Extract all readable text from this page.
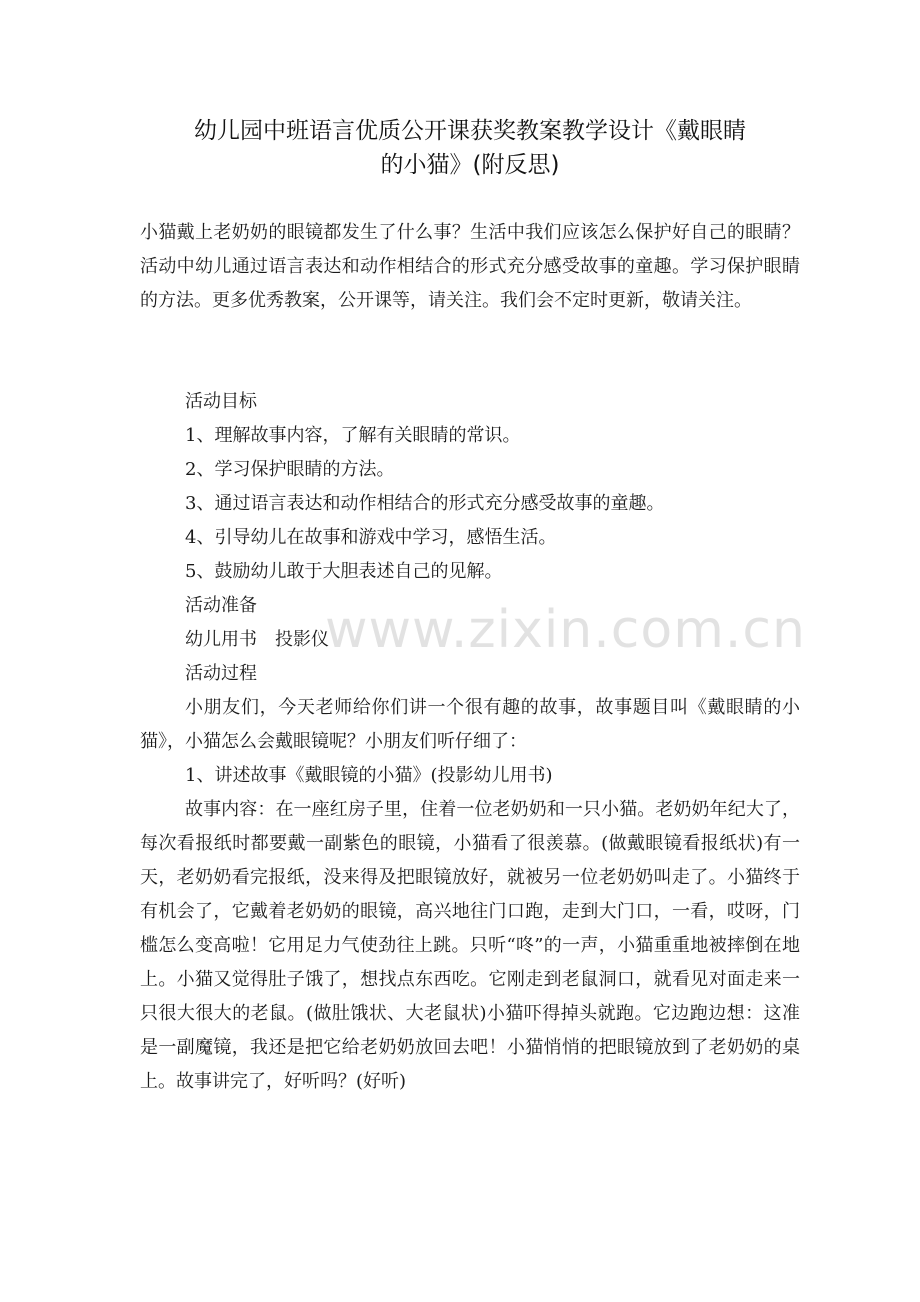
幼儿园中班语言优质公开课获奖教案教学设计《戴眼睛
的小猫》(附反思)

小猫戴上老奶奶的眼镜都发生了什么事？生活中我们应该怎么保护好自己的眼睛？活动中幼儿通过语言表达和动作相结合的形式充分感受故事的童趣。学习保护眼睛的方法。更多优秀教案，公开课等，请关注。我们会不定时更新，敬请关注。

活动目标

1、理解故事内容，了解有关眼睛的常识。

2、学习保护眼睛的方法。

3、通过语言表达和动作相结合的形式充分感受故事的童趣。

4、引导幼儿在故事和游戏中学习，感悟生活。

5、鼓励幼儿敢于大胆表述自己的见解。

活动准备

幼儿用书　投影仪

活动过程

小朋友们，今天老师给你们讲一个很有趣的故事，故事题目叫《戴眼睛的小猫》，小猫怎么会戴眼镜呢？小朋友们听仔细了：

1、讲述故事《戴眼镜的小猫》(投影幼儿用书)

故事内容：在一座红房子里，住着一位老奶奶和一只小猫。老奶奶年纪大了，每次看报纸时都要戴一副紫色的眼镜，小猫看了很羡慕。(做戴眼镜看报纸状)有一天，老奶奶看完报纸，没来得及把眼镜放好，就被另一位老奶奶叫走了。小猫终于有机会了，它戴着老奶奶的眼镜，高兴地往门口跑，走到大门口，一看，哎呀，门槛怎么变高啦！它用足力气使劲往上跳。只听“咚”的一声，小猫重重地被摔倒在地上。小猫又觉得肚子饿了，想找点东西吃。它刚走到老鼠洞口，就看见对面走来一只很大很大的老鼠。(做肚饿状、大老鼠状)小猫吓得掉头就跑。它边跑边想：这准是一副魔镜，我还是把它给老奶奶放回去吧！小猫悄悄的把眼镜放到了老奶奶的桌上。故事讲完了，好听吗？(好听)

www.zixin.com.cn
